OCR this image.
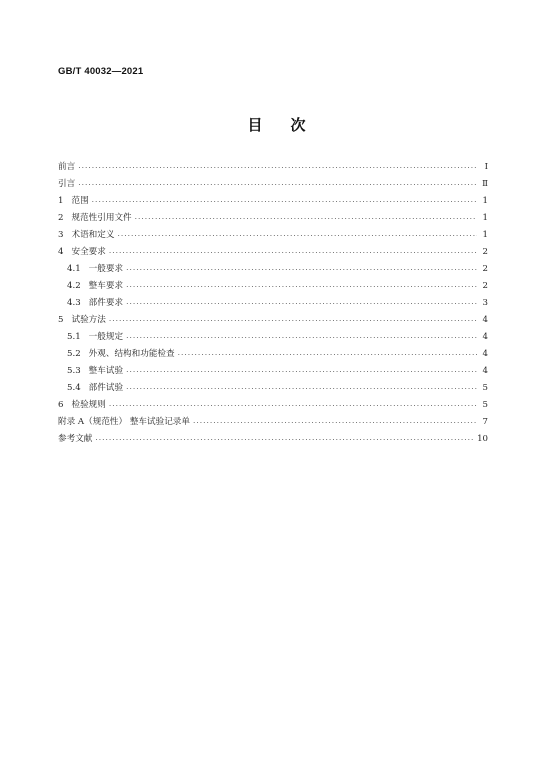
GB/T 40032—2021
目 次
前言 ·····	Ⅰ
引言 ·····	Ⅱ
1 范围 ·····	1
2 规范性引用文件 ·····	1
3 术语和定义 ·····	1
4 安全要求 ·····	2
4.1 一般要求 ·····	2
4.2 整车要求 ·····	2
4.3 部件要求 ·····	3
5 试验方法 ·····	4
5.1 一般规定 ·····	4
5.2 外观、结构和功能检查 ·····	4
5.3 整车试验 ·····	4
5.4 部件试验 ·····	5
6 检验规则 ·····	5
附录 A（规范性） 整车试验记录单 ·····	7
参考文献 ·····	10
